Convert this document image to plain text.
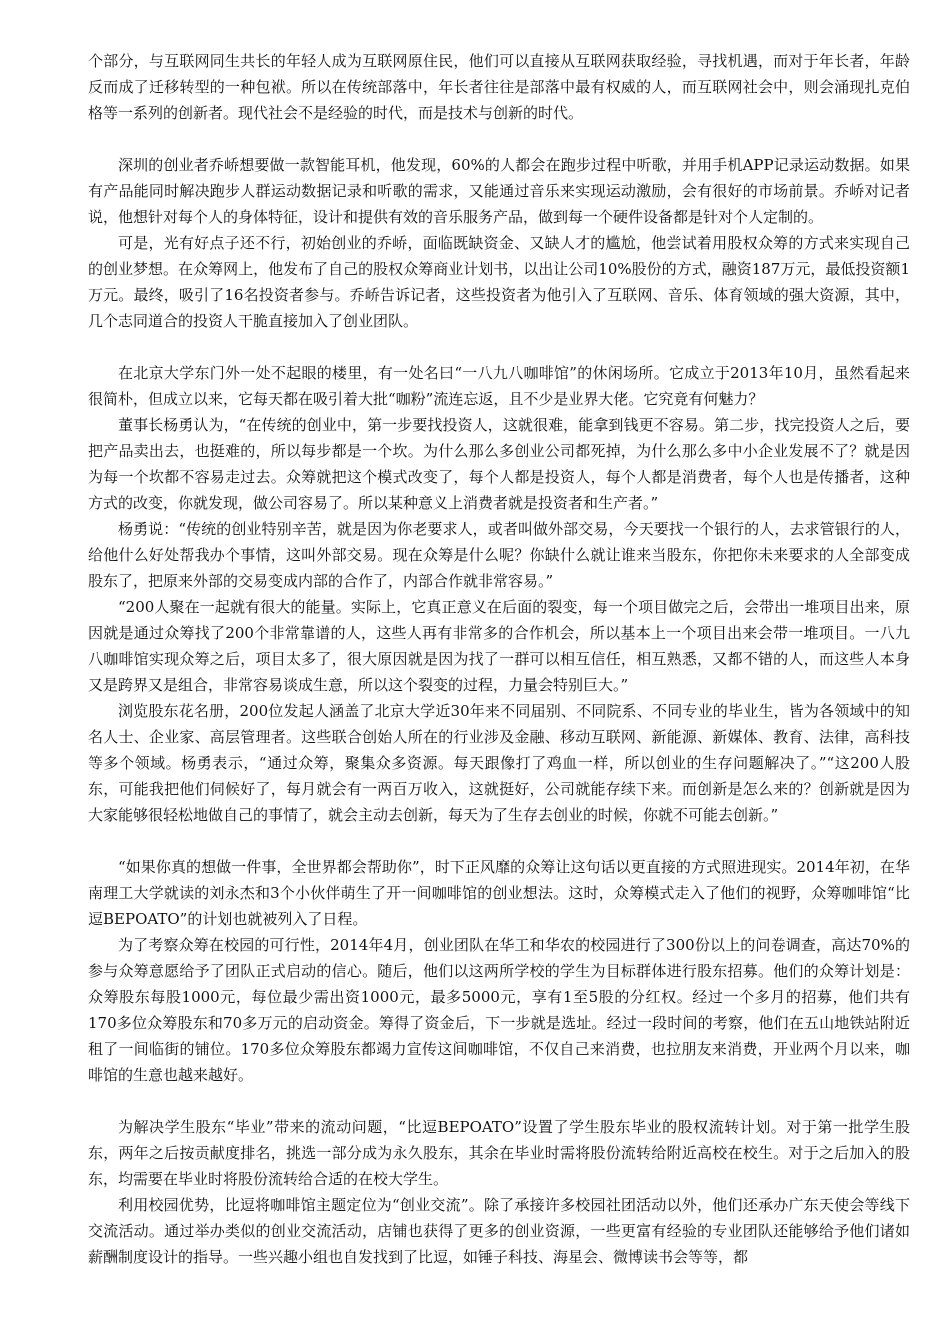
个部分，与互联网同生共长的年轻人成为互联网原住民，他们可以直接从互联网获取经验，寻找机遇，而对于年长者，年龄反而成了迁移转型的一种包袱。所以在传统部落中，年长者往往是部落中最有权威的人，而互联网社会中，则会涌现扎克伯格等一系列的创新者。现代社会不是经验的时代，而是技术与创新的时代。

深圳的创业者乔峤想要做一款智能耳机，他发现，60%的人都会在跑步过程中听歌，并用手机APP记录运动数据。如果有产品能同时解决跑步人群运动数据记录和听歌的需求，又能通过音乐来实现运动激励，会有很好的市场前景。乔峤对记者说，他想针对每个人的身体特征，设计和提供有效的音乐服务产品，做到每一个硬件设备都是针对个人定制的。

可是，光有好点子还不行，初始创业的乔峤，面临既缺资金、又缺人才的尴尬，他尝试着用股权众筹的方式来实现自己的创业梦想。在众筹网上，他发布了自己的股权众筹商业计划书，以出让公司10%股份的方式，融资187万元，最低投资额1万元。最终，吸引了16名投资者参与。乔峤告诉记者，这些投资者为他引入了互联网、音乐、体育领域的强大资源，其中，几个志同道合的投资人干脆直接加入了创业团队。

在北京大学东门外一处不起眼的楼里，有一处名曰“一八九八咖啡馆”的休闲场所。它成立于2013年10月，虽然看起来很简朴，但成立以来，它每天都在吸引着大批“咖粉”流连忘返，且不少是业界大佬。它究竟有何魅力？

董事长杨勇认为，“在传统的创业中，第一步要找投资人，这就很难，能拿到钱更不容易。第二步，找完投资人之后，要把产品卖出去，也挺难的，所以每步都是一个坎。为什么那么多创业公司都死掉，为什么那么多中小企业发展不了？就是因为每一个坎都不容易走过去。众筹就把这个模式改变了，每个人都是投资人，每个人都是消费者，每个人也是传播者，这种方式的改变，你就发现，做公司容易了。所以某种意义上消费者就是投资者和生产者。”

杨勇说：“传统的创业特别辛苦，就是因为你老要求人，或者叫做外部交易，今天要找一个银行的人，去求管银行的人，给他什么好处帮我办个事情，这叫外部交易。现在众筹是什么呢？你缺什么就让谁来当股东，你把你未来要求的人全部变成股东了，把原来外部的交易变成内部的合作了，内部合作就非常容易。”

“200人聚在一起就有很大的能量。实际上，它真正意义在后面的裂变，每一个项目做完之后，会带出一堆项目出来，原因就是通过众筹找了200个非常靠谱的人，这些人再有非常多的合作机会，所以基本上一个项目出来会带一堆项目。一八九八咖啡馆实现众筹之后，项目太多了，很大原因就是因为找了一群可以相互信任，相互熟悉，又都不错的人，而这些人本身又是跨界又是组合，非常容易谈成生意，所以这个裂变的过程，力量会特别巨大。”

浏览股东花名册，200位发起人涵盖了北京大学近30年来不同届别、不同院系、不同专业的毕业生，皆为各领域中的知名人士、企业家、高层管理者。这些联合创始人所在的行业涉及金融、移动互联网、新能源、新媒体、教育、法律，高科技等多个领域。杨勇表示，“通过众筹，聚集众多资源。每天跟像打了鸡血一样，所以创业的生存问题解决了。”“这200人股东，可能我把他们伺候好了，每月就会有一两百万收入，这就挺好，公司就能存续下来。而创新是怎么来的？创新就是因为大家能够很轻松地做自己的事情了，就会主动去创新，每天为了生存去创业的时候，你就不可能去创新。”

“如果你真的想做一件事，全世界都会帮助你”，时下正风靡的众筹让这句话以更直接的方式照进现实。2014年初，在华南理工大学就读的刘永杰和3个小伙伴萌生了开一间咖啡馆的创业想法。这时，众筹模式走入了他们的视野，众筹咖啡馆“比逗BEPOATO”的计划也就被列入了日程。

为了考察众筹在校园的可行性，2014年4月，创业团队在华工和华农的校园进行了300份以上的问卷调查，高达70%的参与众筹意愿给予了团队正式启动的信心。随后，他们以这两所学校的学生为目标群体进行股东招募。他们的众筹计划是：众筹股东每股1000元，每位最少需出资1000元，最多5000元，享有1至5股的分红权。经过一个多月的招募，他们共有170多位众筹股东和70多万元的启动资金。筹得了资金后，下一步就是选址。经过一段时间的考察，他们在五山地铁站附近租了一间临街的铺位。170多位众筹股东都竭力宣传这间咖啡馆，不仅自己来消费，也拉朋友来消费，开业两个月以来，咖啡馆的生意也越来越好。

为解决学生股东“毕业”带来的流动问题，“比逗BEPOATO”设置了学生股东毕业的股权流转计划。对于第一批学生股东，两年之后按贡献度排名，挑选一部分成为永久股东，其余在毕业时需将股份流转给附近高校在校生。对于之后加入的股东，均需要在毕业时将股份流转给合适的在校大学生。

利用校园优势，比逗将咖啡馆主题定位为“创业交流”。除了承接许多校园社团活动以外，他们还承办广东天使会等线下交流活动。通过举办类似的创业交流活动，店铺也获得了更多的创业资源，一些更富有经验的专业团队还能够给予他们诸如薪酬制度设计的指导。一些兴趣小组也自发找到了比逗，如锤子科技、海星会、微博读书会等等，都
